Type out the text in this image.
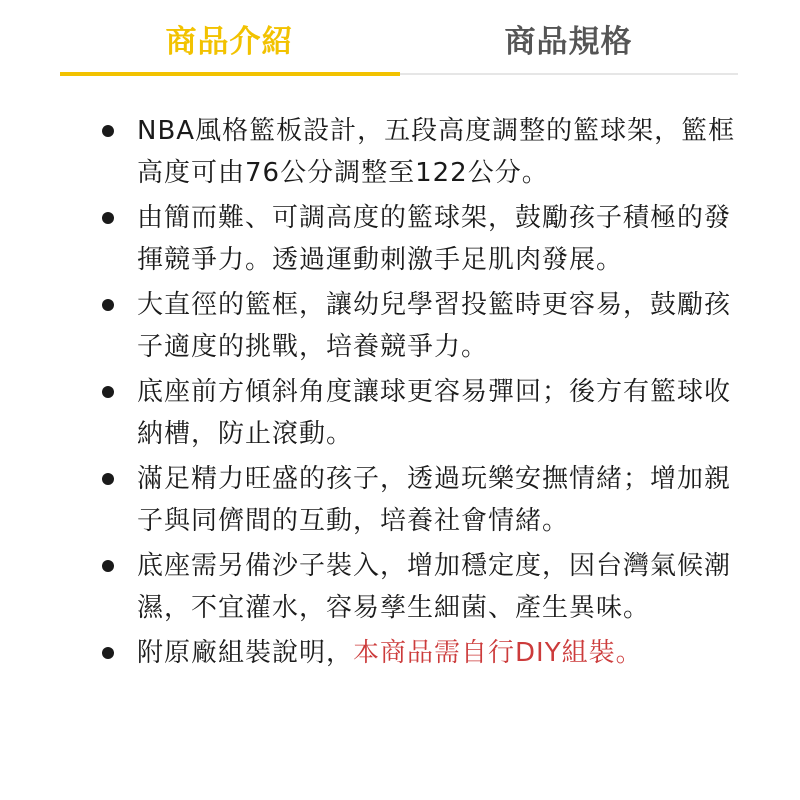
商品介紹	商品規格
NBA風格籃板設計，五段高度調整的籃球架，籃框高度可由76公分調整至122公分。
由簡而難、可調高度的籃球架，鼓勵孩子積極的發揮競爭力。透過運動刺激手足肌肉發展。
大直徑的籃框，讓幼兒學習投籃時更容易，鼓勵孩子適度的挑戰，培養競爭力。
底座前方傾斜角度讓球更容易彈回；後方有籃球收納槽，防止滾動。
滿足精力旺盛的孩子，透過玩樂安撫情緒；增加親子與同儕間的互動，培養社會情緒。
底座需另備沙子裝入，增加穩定度，因台灣氣候潮濕，不宜灌水，容易孳生細菌、產生異味。
附原廠組裝說明，本商品需自行DIY組裝。
